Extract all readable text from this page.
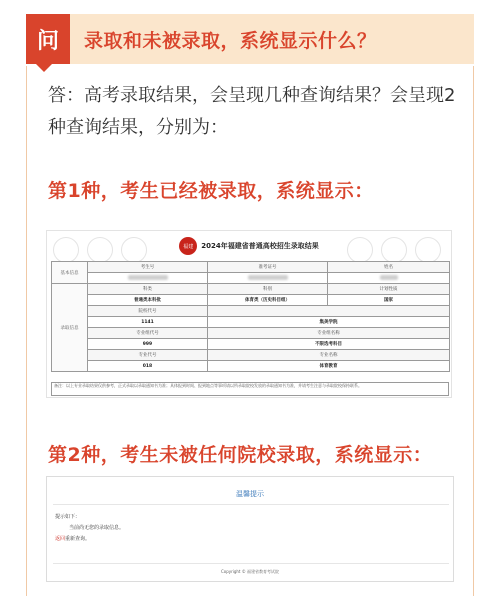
问	录取和未被录取，系统显示什么？
答：高考录取结果，会呈现几种查询结果？会呈现2种查询结果，分别为：
第1种，考生已经被录取，系统显示：
福建	2024年福建省普通高校招生录取结果
基本信息	考生号	准考证号	姓名

录取信息	科类	科别	计划性质
	普通类本科批	体育类（历史科目组）	国家
	院校代号		
	1141	集美学院	
	专业组代号	专业组名称	
	999	不限选考科目	
	专业代号	专业名称	
	018	体育教育	
备注：以上专业录取结果仅供参考，正式录取以录取通知书为准；具体报到时间、报到地点等事项请以所录取院校发放的录取通知书为准，并请考生注意与录取院校保持联系。
第2种，考生未被任何院校录取，系统显示：
温馨提示
提示如下：
当前尚无您的录取信息。
返回重新查询。
Copyright © 福建省教育考试院
